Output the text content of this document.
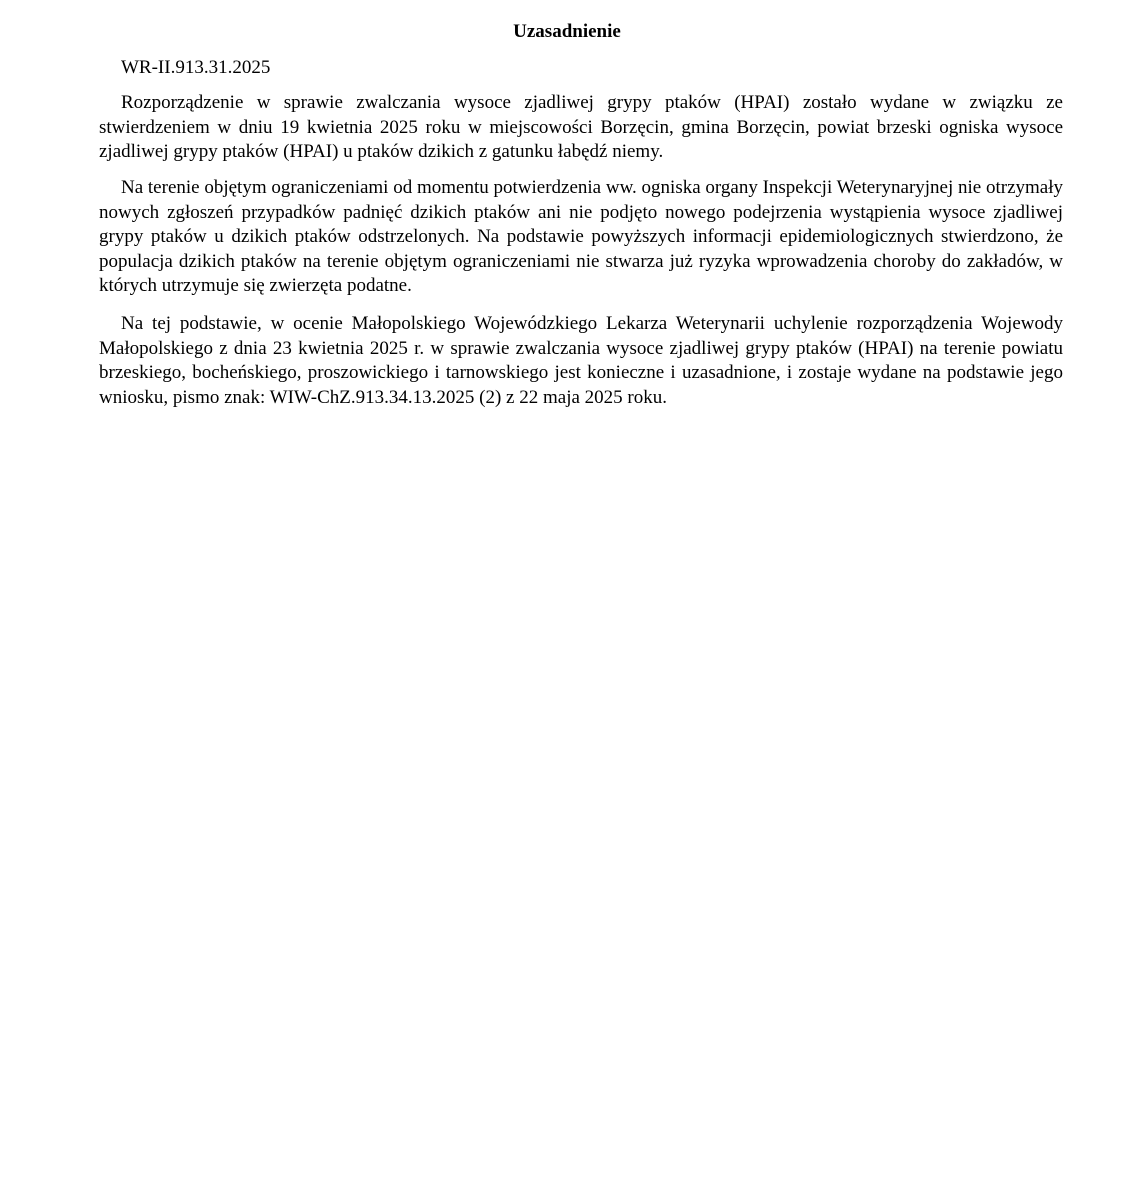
Uzasadnienie
WR-II.913.31.2025

Rozporządzenie w sprawie zwalczania wysoce zjadliwej grypy ptaków (HPAI) zostało wydane w związku ze stwierdzeniem w dniu 19 kwietnia 2025 roku w miejscowości Borzęcin, gmina Borzęcin, powiat brzeski ogniska wysoce zjadliwej grypy ptaków (HPAI) u ptaków dzikich z gatunku łabędź niemy.

Na terenie objętym ograniczeniami od momentu potwierdzenia ww. ogniska organy Inspekcji Weterynaryjnej nie otrzymały nowych zgłoszeń przypadków padnięć dzikich ptaków ani nie podjęto nowego podejrzenia wystąpienia wysoce zjadliwej grypy ptaków u dzikich ptaków odstrzelonych. Na podstawie powyższych informacji epidemiologicznych stwierdzono, że populacja dzikich ptaków na terenie objętym ograniczeniami nie stwarza już ryzyka wprowadzenia choroby do zakładów, w których utrzymuje się zwierzęta podatne.

Na tej podstawie, w ocenie Małopolskiego Wojewódzkiego Lekarza Weterynarii uchylenie rozporządzenia Wojewody Małopolskiego z dnia 23 kwietnia 2025 r. w sprawie zwalczania wysoce zjadliwej grypy ptaków (HPAI) na terenie powiatu brzeskiego, bocheńskiego, proszowickiego i tarnowskiego jest konieczne i uzasadnione, i zostaje wydane na podstawie jego wniosku, pismo znak: WIW-ChZ.913.34.13.2025 (2) z 22 maja 2025 roku.
